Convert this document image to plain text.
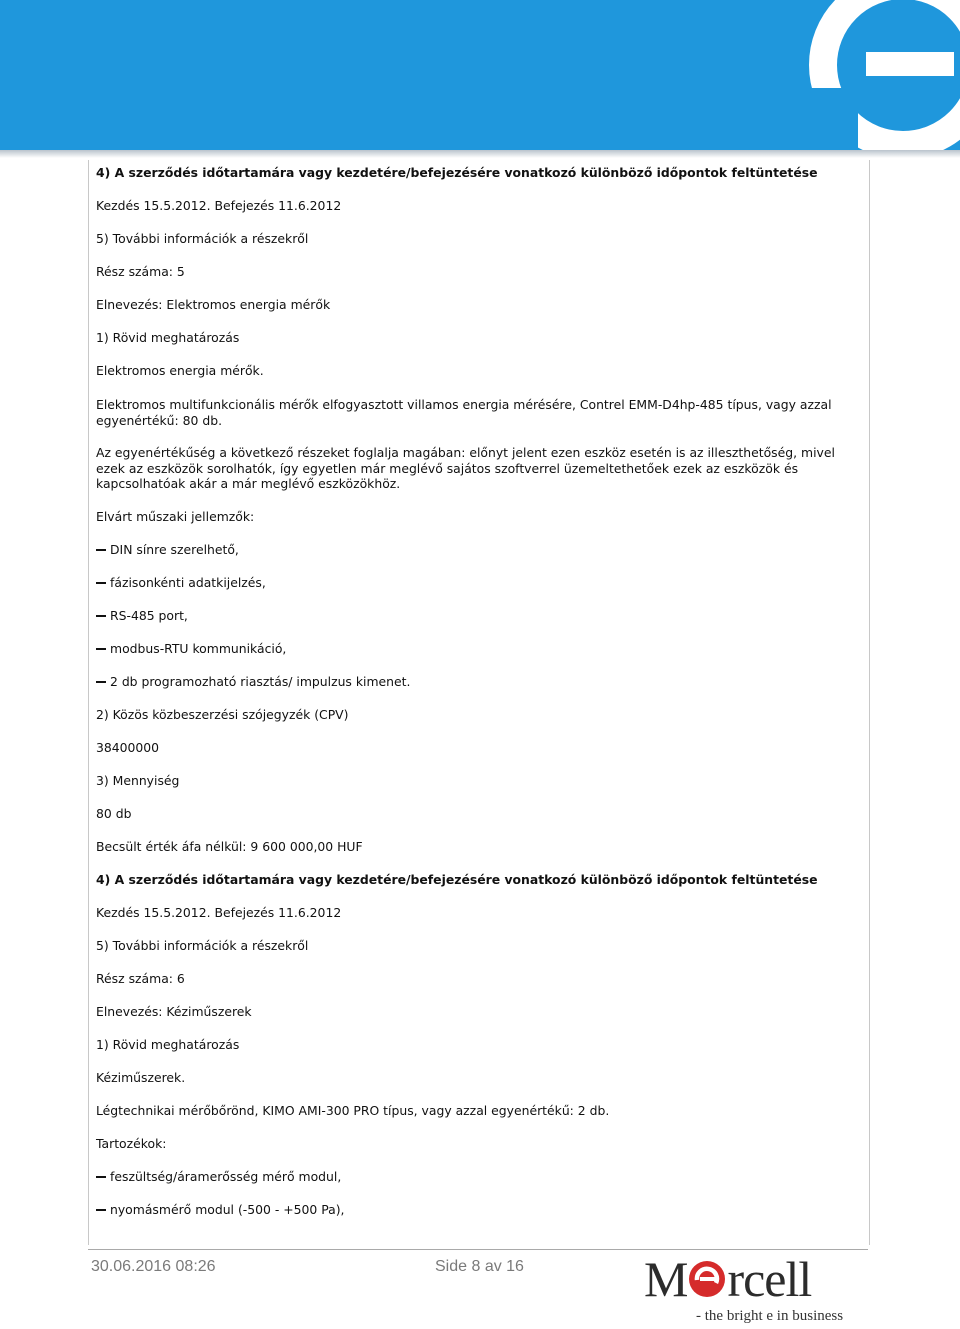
4) A szerződés időtartamára vagy kezdetére/befejezésére vonatkozó különböző időpontok feltüntetése
Kezdés 15.5.2012. Befejezés 11.6.2012
5) További információk a részekről
Rész száma: 5
Elnevezés: Elektromos energia mérők
1) Rövid meghatározás
Elektromos energia mérők.
Elektromos multifunkcionális mérők elfogyasztott villamos energia mérésére, Contrel EMM-D4hp-485 típus, vagy azzal egyenértékű: 80 db.
Az egyenértékűség a következő részeket foglalja magában: előnyt jelent ezen eszköz esetén is az illeszthetőség, mivel ezek az eszközök sorolhatók, így egyetlen már meglévő sajátos szoftverrel üzemeltethetőek ezek az eszközök és kapcsolhatóak akár a már meglévő eszközökhöz.
Elvárt műszaki jellemzők:
DIN sínre szerelhető,
fázisonkénti adatkijelzés,
RS-485 port,
modbus-RTU kommunikáció,
2 db programozható riasztás/ impulzus kimenet.
2) Közös közbeszerzési szójegyzék (CPV)
38400000
3) Mennyiség
80 db
Becsült érték áfa nélkül: 9 600 000,00 HUF
4) A szerződés időtartamára vagy kezdetére/befejezésére vonatkozó különböző időpontok feltüntetése
Kezdés 15.5.2012. Befejezés 11.6.2012
5) További információk a részekről
Rész száma: 6
Elnevezés: Kéziműszerek
1) Rövid meghatározás
Kéziműszerek.
Légtechnikai mérőbőrönd, KIMO AMI-300 PRO típus, vagy azzal egyenértékű: 2 db.
Tartozékok:
feszültség/áramerősség mérő modul,
nyomásmérő modul (-500 - +500 Pa),
30.06.2016 08:26	Side 8 av 16 M rcell
- the bright e in business
